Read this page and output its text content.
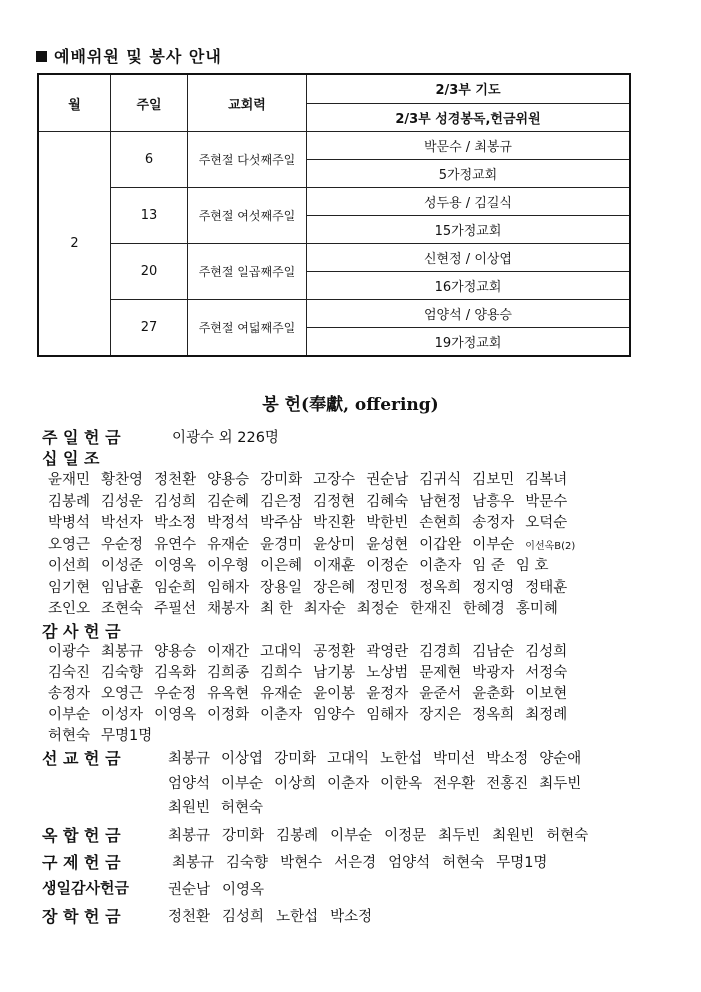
예배위원 및 봉사 안내
월	주일	교회력	2/3부 기도
			2/3부 성경봉독,헌금위원
2	6	주현절 다섯째주일	박문수 / 최봉규
			5가정교회
	13	주현절 여섯째주일	성두용 / 김길식
			15가정교회
	20	주현절 일곱째주일	신현정 / 이상엽
			16가정교회
	27	주현절 여덟째주일	엄양석 / 양용승
			19가정교회
봉 헌(奉獻, offering)
주 일 헌 금	이광수 외 226명
십 일 조
윤재민 황찬영 정천환 양용승 강미화 고장수 권순남 김귀식 김보민 김복녀
김봉례 김성운 김성희 김순혜 김은정 김정현 김혜숙 남현정 남흥우 박문수
박병석 박선자 박소정 박정석 박주삼 박진환 박한빈 손현희 송정자 오덕순
오영근 우순정 유연수 유재순 윤경미 윤상미 윤성현 이갑완 이부순 이선옥B(2)
이선희 이성준 이영옥 이우형 이은혜 이재훈 이정순 이춘자 임 준 임 호
임기현 임남훈 임순희 임해자 장용일 장은혜 정민정 정옥희 정지영 정태훈
조인오 조현숙 주필선 채봉자 최 한 최자순 최정순 한재진 한혜경 홍미혜
감 사 헌 금
이광수 최봉규 양용승 이재간 고대익 공정환 곽영란 김경희 김남순 김성희
김숙진 김숙향 김옥화 김희종 김희수 남기봉 노상범 문제현 박광자 서정숙
송정자 오영근 우순정 유옥현 유재순 윤이봉 윤정자 윤준서 윤춘화 이보현
이부순 이성자 이영옥 이정화 이춘자 임양수 임해자 장지은 정옥희 최정례
허현숙 무명1명
선 교 헌 금	최봉규 이상엽 강미화 고대익 노한섭 박미선 박소정 양순애
엄양석 이부순 이상희 이춘자 이한옥 전우환 전홍진 최두빈
최원빈 허현숙
옥 합 헌 금	최봉규 강미화 김봉례 이부순 이정문 최두빈 최원빈 허현숙
구 제 헌 금	최봉규 김숙향 박현수 서은경 엄양석 허현숙 무명1명
생일감사헌금	권순남 이영옥
장 학 헌 금	정천환 김성희 노한섭 박소정
